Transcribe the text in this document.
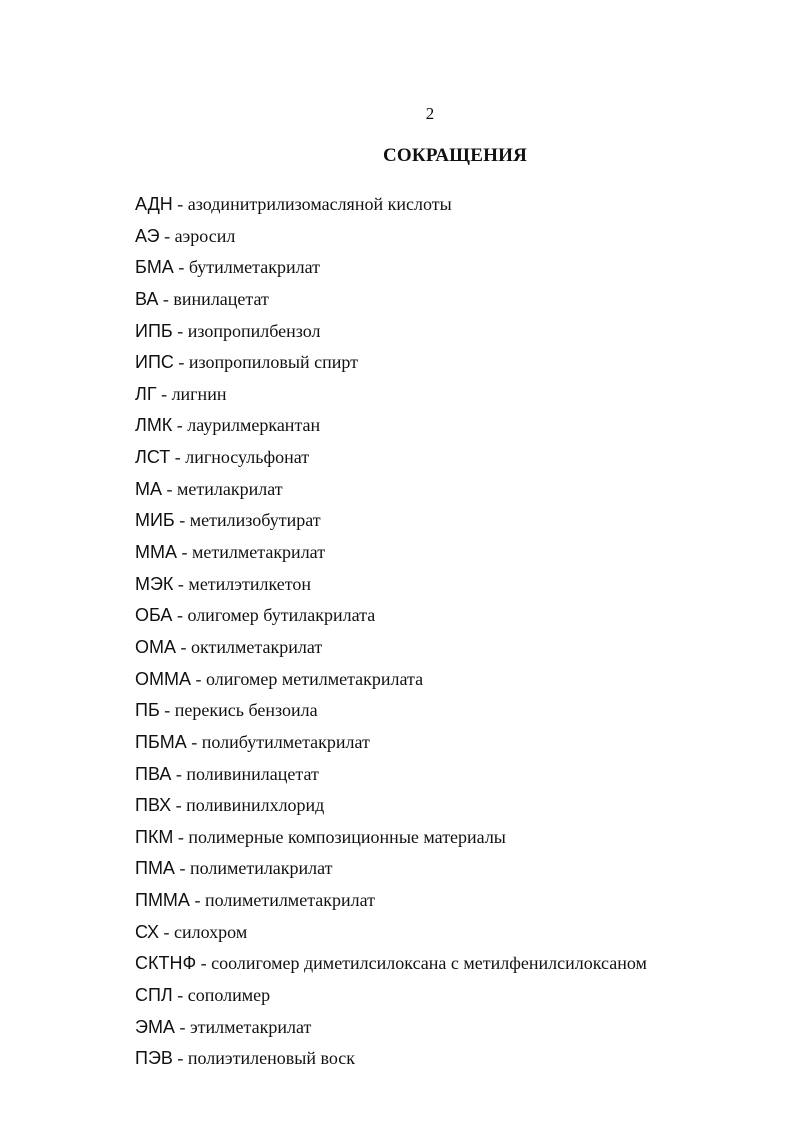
2
СОКРАЩЕНИЯ
АДН - азодинитрилизомасляной кислоты
АЭ - аэросил
БМА - бутилметакрилат
ВА - винилацетат
ИПБ - изопропилбензол
ИПС - изопропиловый спирт
ЛГ - лигнин
ЛМК - лаурилмеркантан
ЛСТ - лигносульфонат
МА - метилакрилат
МИБ - метилизобутират
ММА - метилметакрилат
МЭК - метилэтилкетон
ОБА - олигомер бутилакрилата
ОМА - октилметакрилат
ОММА - олигомер метилметакрилата
ПБ - перекись бензоила
ПБМА - полибутилметакрилат
ПВА - поливинилацетат
ПВХ - поливинилхлорид
ПКМ - полимерные композиционные материалы
ПМА - полиметилакрилат
ПММА - полиметилметакрилат
СХ - силохром
СКТНФ - соолигомер диметилсилоксана с метилфенилсилоксаном
СПЛ - сополимер
ЭМА - этилметакрилат
ПЭВ - полиэтиленовый воск
